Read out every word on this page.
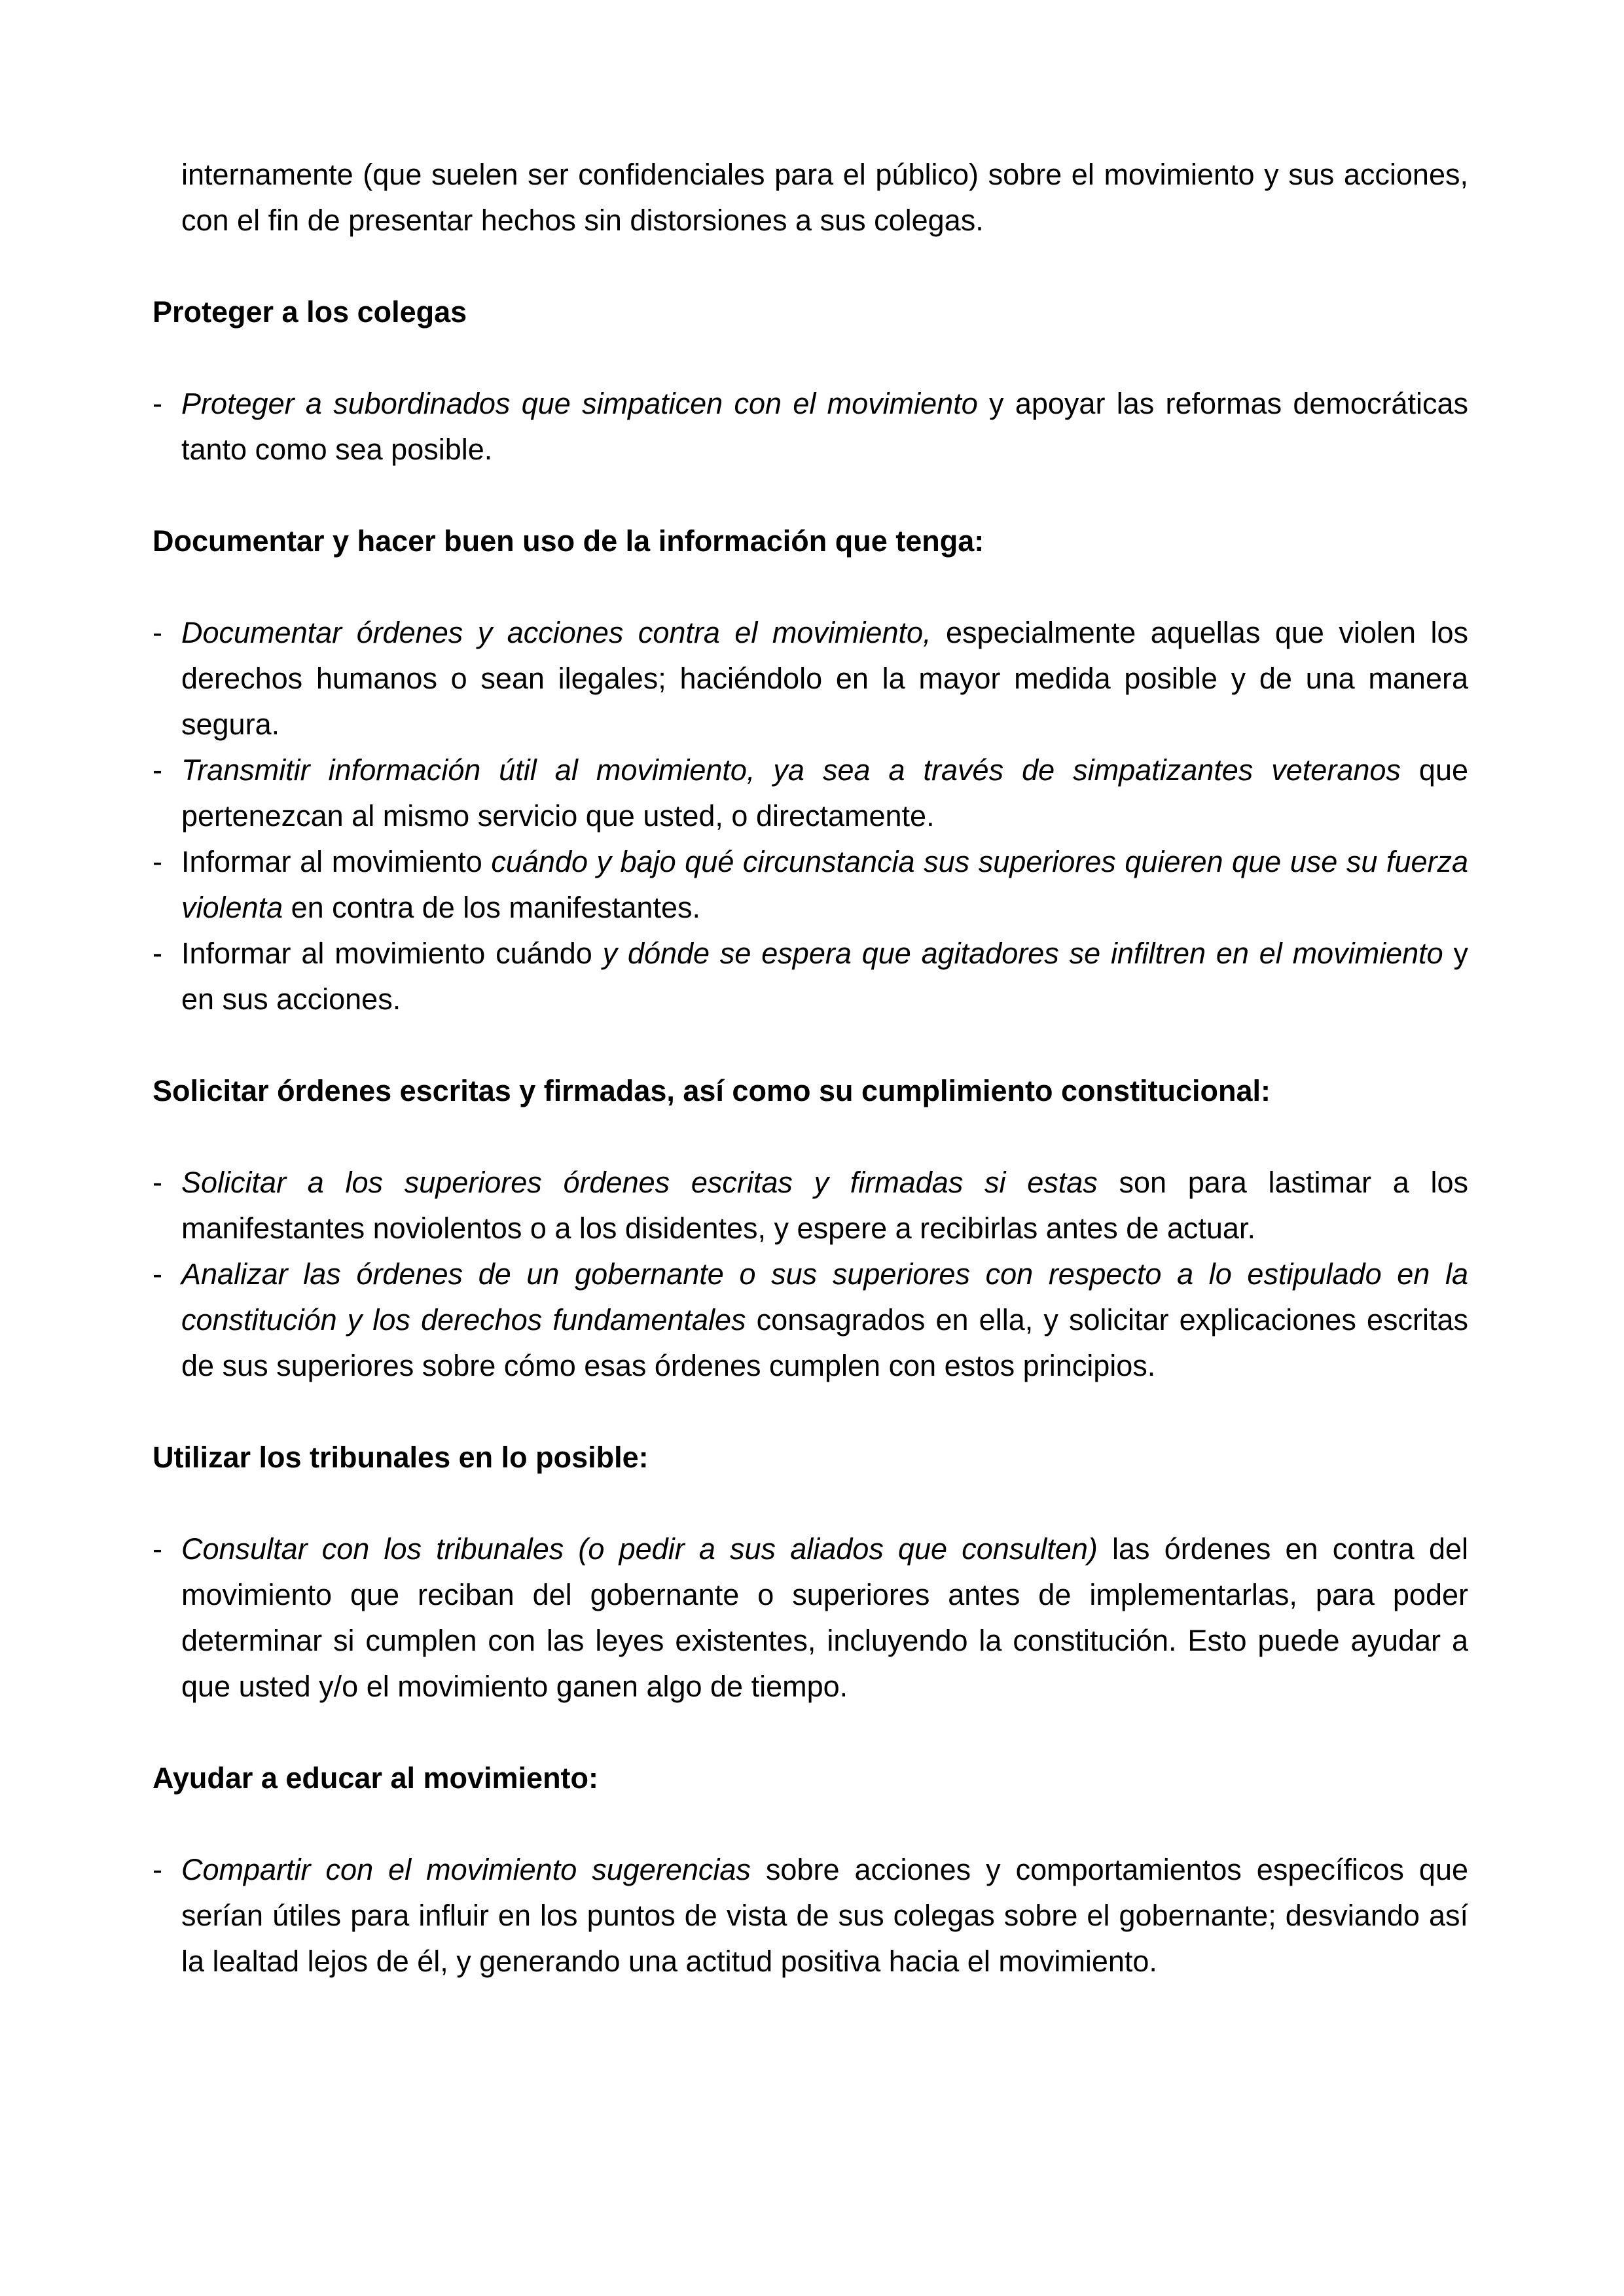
internamente (que suelen ser confidenciales para el público) sobre el movimiento y sus acciones, con el fin de presentar hechos sin distorsiones a sus colegas.

Proteger a los colegas
- Proteger a subordinados que simpaticen con el movimiento y apoyar las reformas democráticas tanto como sea posible.
Documentar y hacer buen uso de la información que tenga:
- Documentar órdenes y acciones contra el movimiento, especialmente aquellas que violen los derechos humanos o sean ilegales; haciéndolo en la mayor medida posible y de una manera segura.
- Transmitir información útil al movimiento, ya sea a través de simpatizantes veteranos que pertenezcan al mismo servicio que usted, o directamente.
- Informar al movimiento cuándo y bajo qué circunstancia sus superiores quieren que use su fuerza violenta en contra de los manifestantes.
- Informar al movimiento cuándo y dónde se espera que agitadores se infiltren en el movimiento y en sus acciones.
Solicitar órdenes escritas y firmadas, así como su cumplimiento constitucional:
- Solicitar a los superiores órdenes escritas y firmadas si estas son para lastimar a los manifestantes noviolentos o a los disidentes, y espere a recibirlas antes de actuar.
- Analizar las órdenes de un gobernante o sus superiores con respecto a lo estipulado en la constitución y los derechos fundamentales consagrados en ella, y solicitar explicaciones escritas de sus superiores sobre cómo esas órdenes cumplen con estos principios.
Utilizar los tribunales en lo posible:
- Consultar con los tribunales (o pedir a sus aliados que consulten) las órdenes en contra del movimiento que reciban del gobernante o superiores antes de implementarlas, para poder determinar si cumplen con las leyes existentes, incluyendo la constitución. Esto puede ayudar a que usted y/o el movimiento ganen algo de tiempo.
Ayudar a educar al movimiento:
- Compartir con el movimiento sugerencias sobre acciones y comportamientos específicos que serían útiles para influir en los puntos de vista de sus colegas sobre el gobernante; desviando así la lealtad lejos de él, y generando una actitud positiva hacia el movimiento.
